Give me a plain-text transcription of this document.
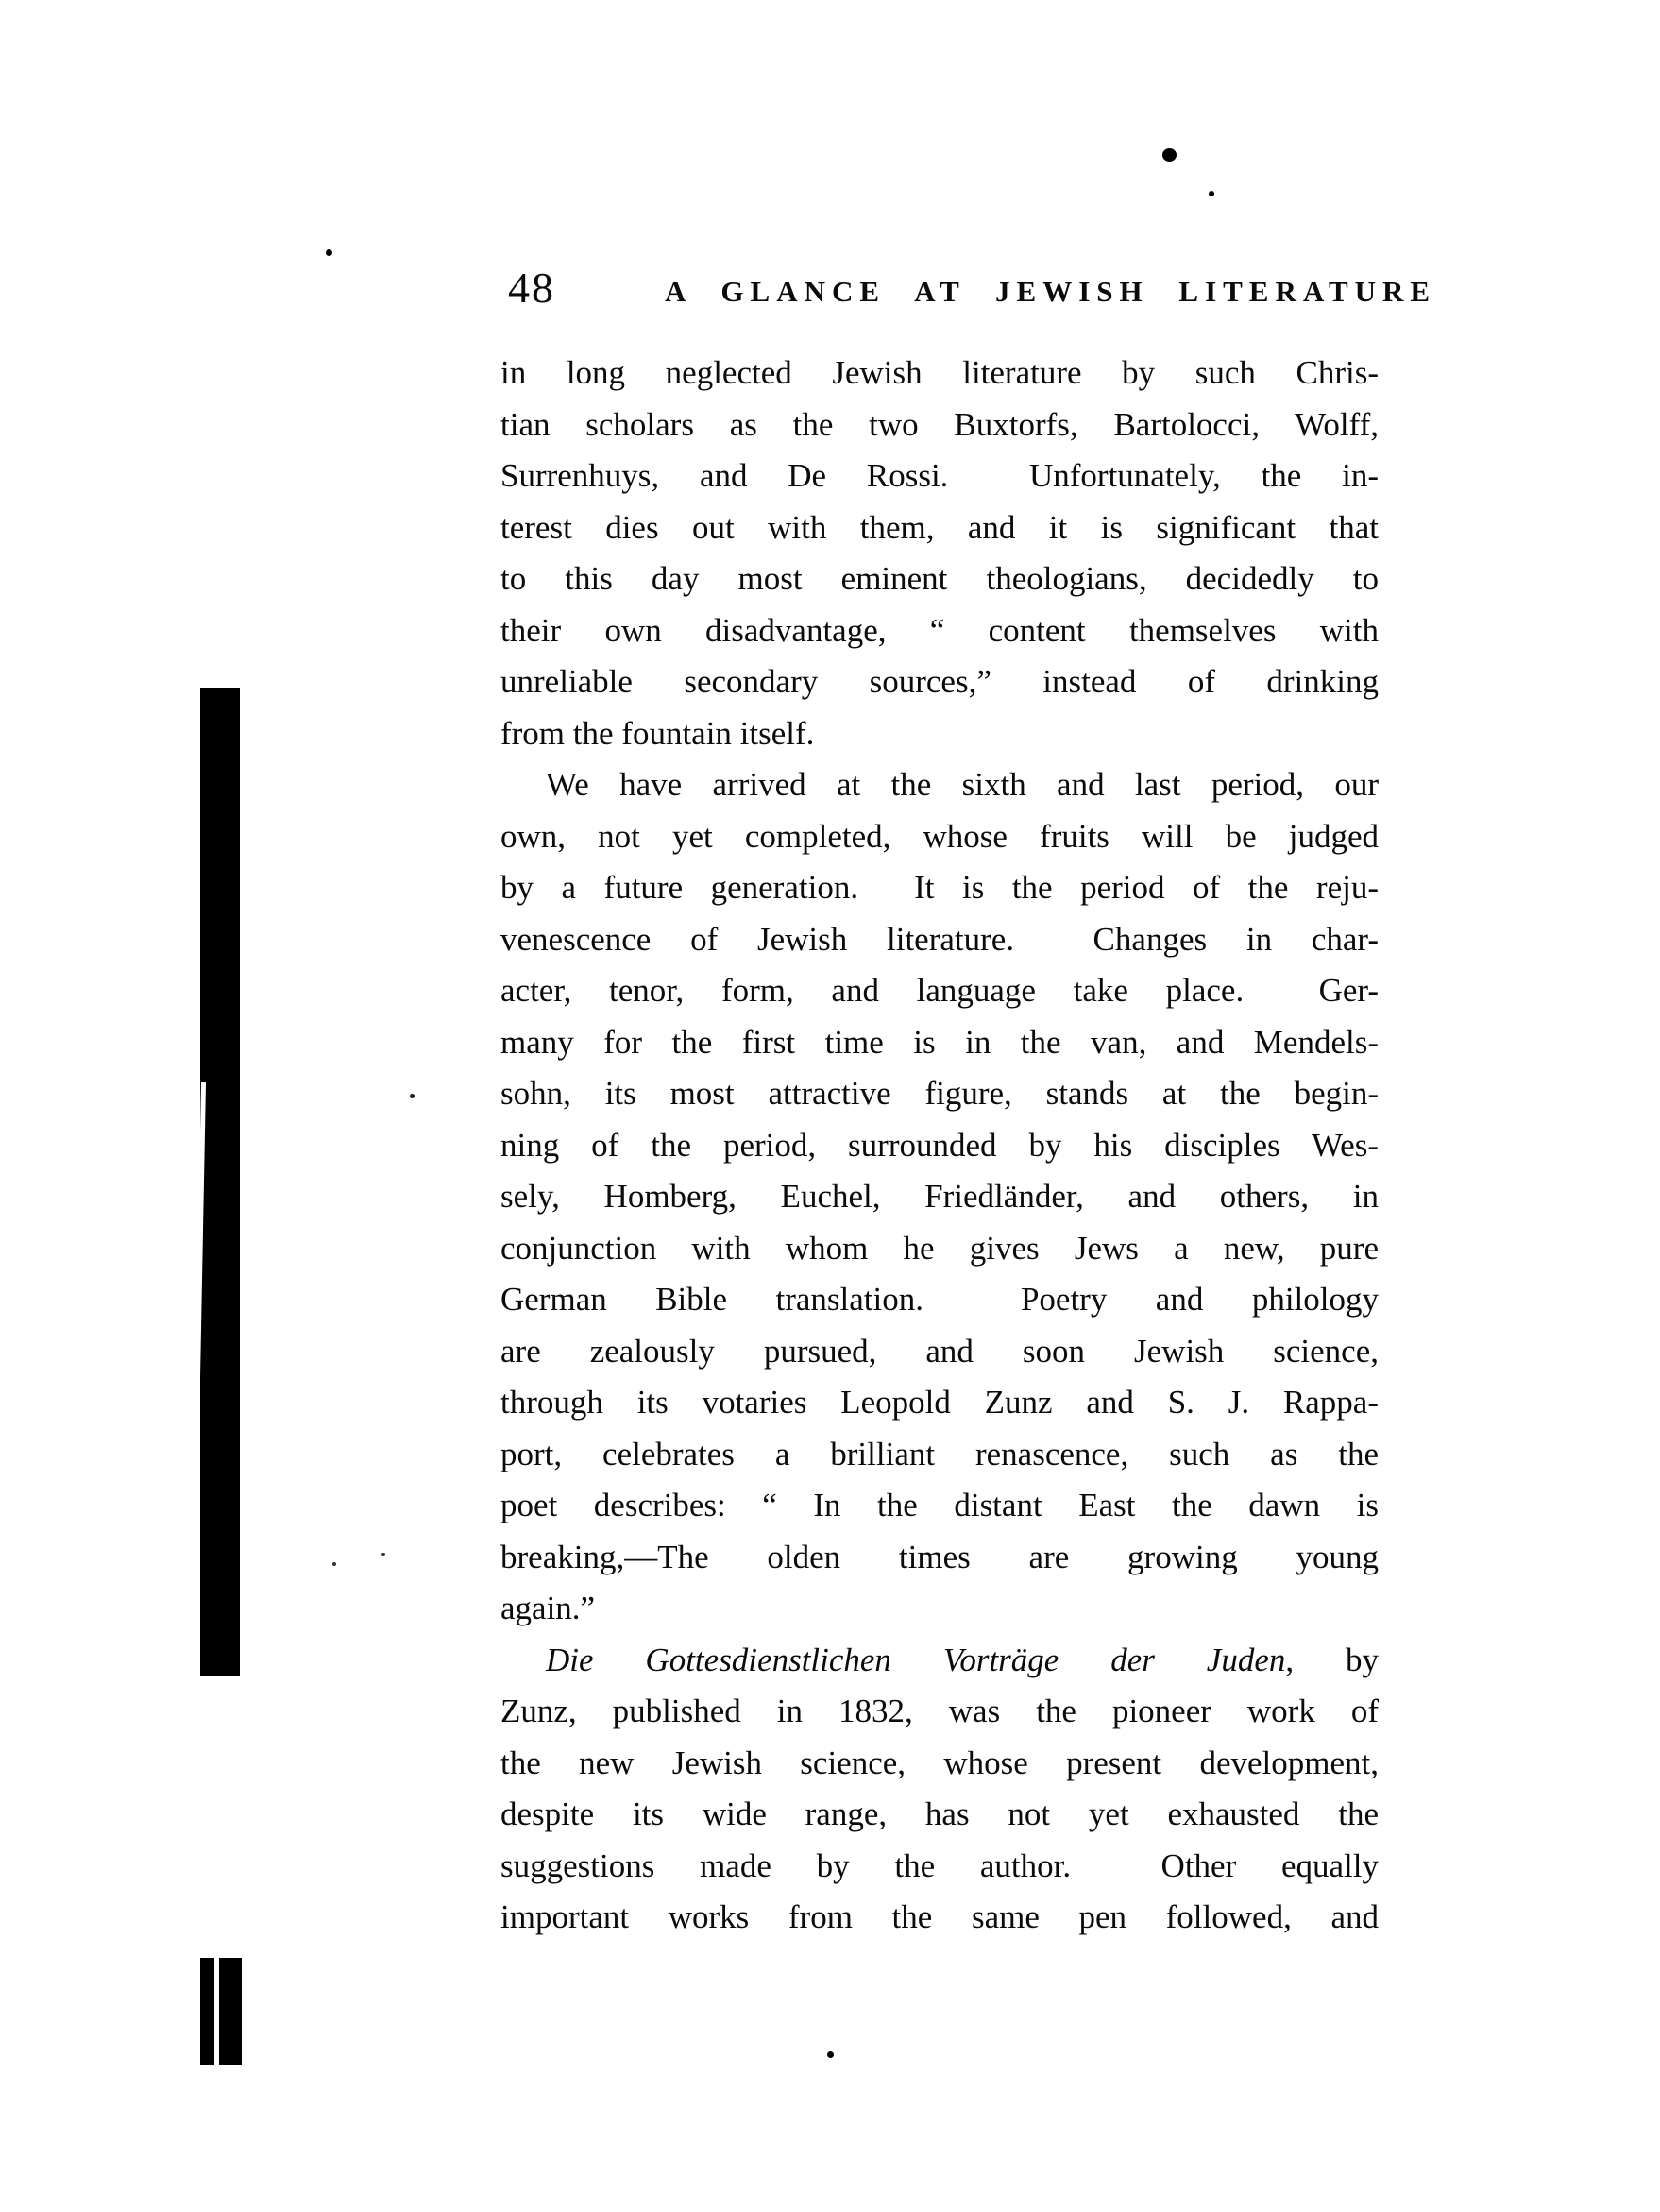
48	A GLANCE AT JEWISH LITERATURE
in long neglected Jewish literature by such Chris-
tian scholars as the two Buxtorfs, Bartolocci, Wolff,
Surrenhuys, and De Rossi.  Unfortunately, the in-
terest dies out with them, and it is significant that
to this day most eminent theologians, decidedly to
their own disadvantage, “ content themselves with
unreliable secondary sources,” instead of drinking
from the fountain itself.
We have arrived at the sixth and last period, our
own, not yet completed, whose fruits will be judged
by a future generation.  It is the period of the reju-
venescence of Jewish literature.  Changes in char-
acter, tenor, form, and language take place.  Ger-
many for the first time is in the van, and Mendels-
sohn, its most attractive figure, stands at the begin-
ning of the period, surrounded by his disciples Wes-
sely, Homberg, Euchel, Friedländer, and others, in
conjunction with whom he gives Jews a new, pure
German Bible translation.  Poetry and philology
are zealously pursued, and soon Jewish science,
through its votaries Leopold Zunz and S. J. Rappa-
port, celebrates a brilliant renascence, such as the
poet describes: “ In the distant East the dawn is
breaking,—The olden times are growing young
again.”
Die Gottesdienstlichen Vorträge der Juden, by
Zunz, published in 1832, was the pioneer work of
the new Jewish science, whose present development,
despite its wide range, has not yet exhausted the
suggestions made by the author.  Other equally
important works from the same pen followed, and
